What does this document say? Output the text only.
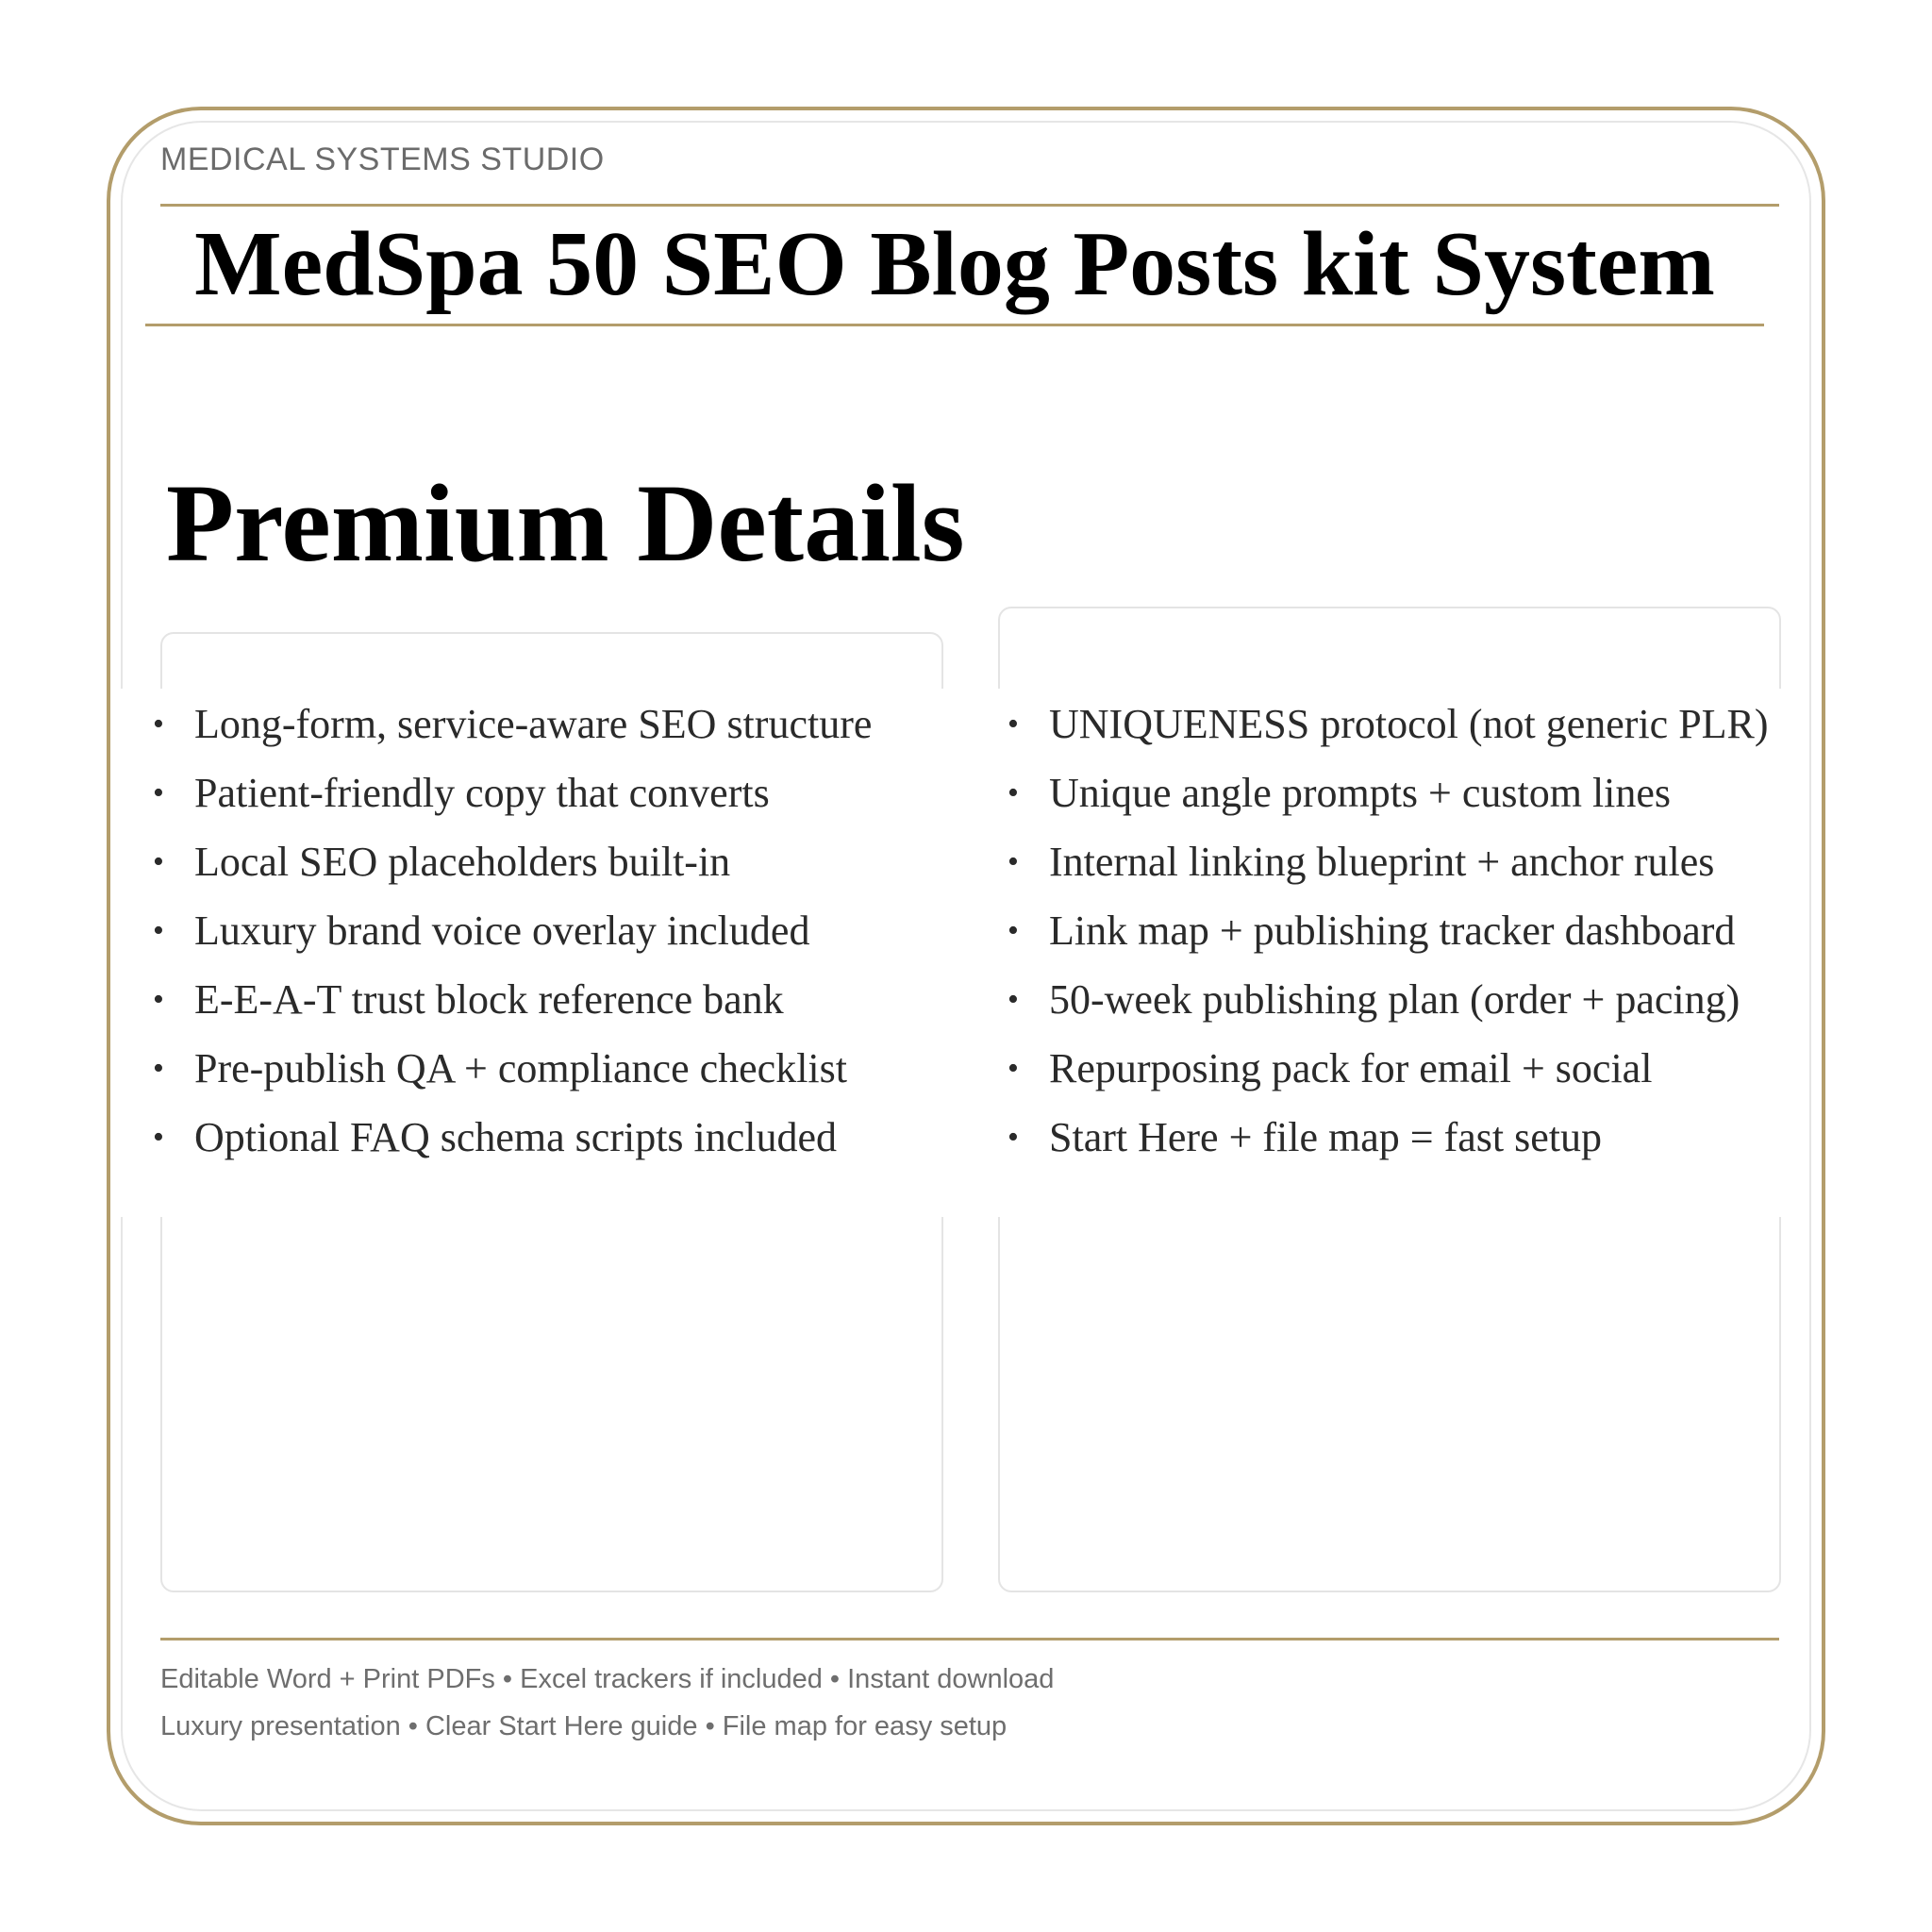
MEDICAL SYSTEMS STUDIO
MedSpa 50 SEO Blog Posts kit System
Premium Details
• Long-form, service-aware SEO structure
• Patient-friendly copy that converts
• Local SEO placeholders built-in
• Luxury brand voice overlay included
• E-E-A-T trust block reference bank
• Pre-publish QA + compliance checklist
• Optional FAQ schema scripts included
• UNIQUENESS protocol (not generic PLR)
• Unique angle prompts + custom lines
• Internal linking blueprint + anchor rules
• Link map + publishing tracker dashboard
• 50-week publishing plan (order + pacing)
• Repurposing pack for email + social
• Start Here + file map = fast setup
Editable Word + Print PDFs • Excel trackers if included • Instant download
Luxury presentation • Clear Start Here guide • File map for easy setup
